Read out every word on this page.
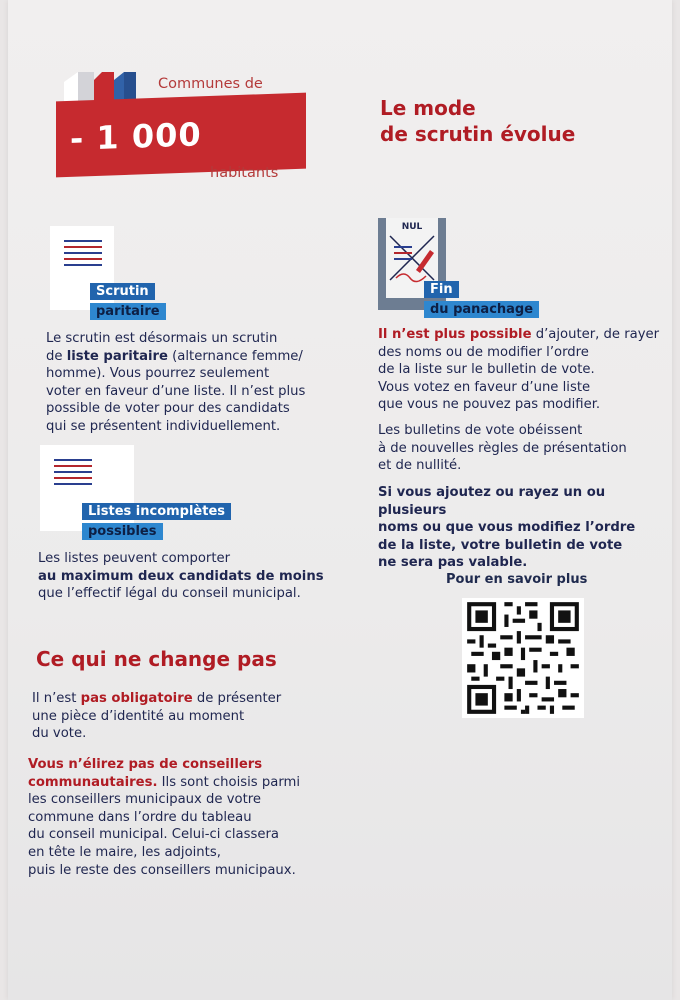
Communes de
- 1 000
habitants
Le mode
de scrutin évolue
Scrutin
paritaire
Le scrutin est désormais un scrutin
de liste paritaire (alternance femme/
homme). Vous pourrez seulement
voter en faveur d’une liste. Il n’est plus
possible de voter pour des candidats
qui se présentent individuellement.
Listes incomplètes
possibles
Les listes peuvent comporter
au maximum deux candidats de moins
que l’effectif légal du conseil municipal.
NUL
Fin
du panachage
Il n’est plus possible d’ajouter, de rayer
des noms ou de modifier l’ordre
de la liste sur le bulletin de vote.
Vous votez en faveur d’une liste
que vous ne pouvez pas modifier.
Les bulletins de vote obéissent
à de nouvelles règles de présentation
et de nullité.
Si vous ajoutez ou rayez un ou plusieurs
noms ou que vous modifiez l’ordre
de la liste, votre bulletin de vote
ne sera pas valable.
Pour en savoir plus
Ce qui ne change pas
Il n’est pas obligatoire de présenter
une pièce d’identité au moment
du vote.
Vous n’élirez pas de conseillers
communautaires. Ils sont choisis parmi
les conseillers municipaux de votre
commune dans l’ordre du tableau
du conseil municipal. Celui-ci classera
en tête le maire, les adjoints,
puis le reste des conseillers municipaux.
